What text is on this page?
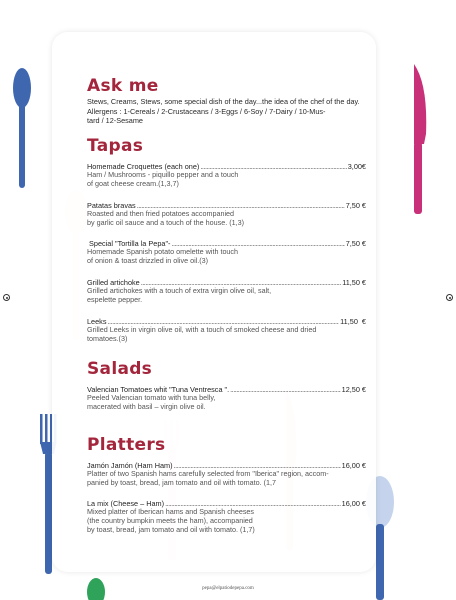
Ask me

Stews, Creams, Stews, some special dish of the day...the idea of the chef of the day.

Allergens : 1-Cereals / 2-Crustaceans / 3-Eggs / 6-Soy / 7-Dairy / 10-Mus-

tard / 12-Sesame

Tapas
Homemade Croquettes (each one) .....	3,00€
Ham / Mushrooms - piquillo pepper and a touch
of goat cheese cream.(1,3,7)
Patatas bravas .....	7,50 €
Roasted and then fried potatoes accompanied
by garlic oil sauce and a touch of the house. (1,3)
Special "Tortilla la Pepa"- .....	7,50 €
Homemade Spanish potato omelette with touch
of onion & toast drizzled in olive oil.(3)
Grilled artichoke .....	11,50 €
Grilled artichokes with a touch of extra virgin olive oil, salt,
espelette pepper.
Leeks .....	11,50  €
Grilled Leeks in virgin olive oil, with a touch of smoked cheese and dried
tomatoes.(3)
Salads
Valencian Tomatoes whit "Tuna Ventresca ". .....	12,50 €
Peeled Valencian tomato with tuna belly,
macerated with basil – virgin olive oil.
Platters
Jamón Jamón (Ham Ham) .....	16,00 €
Platter of two Spanish hams carefully selected from "Iberica" region, accom-
panied by toast, bread, jam tomato and oil with tomato. (1,7
La mix (Cheese – Ham) .....	16,00 €
Mixed platter of Iberican hams and Spanish cheeses
(the country bumpkin meets the ham), accompanied
by toast, bread, jam tomato and oil with tomato. (1,7)
pepa@elpatiodepepa.com
